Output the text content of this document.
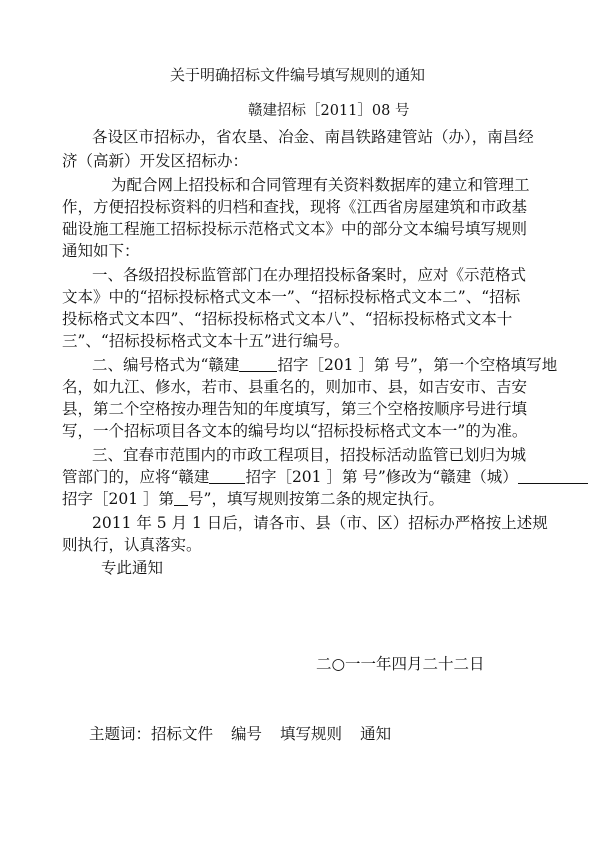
关于明确招标文件编号填写规则的通知
赣建招标［2011］08 号
各设区市招标办，省农垦、冶金、南昌铁路建管站（办），南昌经
济（高新）开发区招标办：
为配合网上招投标和合同管理有关资料数据库的建立和管理工
作，方便招投标资料的归档和查找，现将《江西省房屋建筑和市政基
础设施工程施工招标投标示范格式文本》中的部分文本编号填写规则
通知如下：
一、各级招投标监管部门在办理招投标备案时，应对《示范格式
文本》中的“招标投标格式文本一”、“招标投标格式文本二”、“招标
投标格式文本四”、“招标投标格式文本八”、“招标投标格式文本十
三”、“招标投标格式文本十五”进行编号。
二、编号格式为“赣建 招字［201 ］第 号”，第一个空格填写地
名，如九江、修水，若市、县重名的，则加市、县，如吉安市、吉安
县，第二个空格按办理告知的年度填写，第三个空格按顺序号进行填
写，一个招标项目各文本的编号均以“招标投标格式文本一”的为准。
三、宜春市范围内的市政工程项目，招投标活动监管已划归为城
管部门的，应将“赣建 招字［201 ］第 号”修改为“赣建（城）
招字［201 ］第 号”，填写规则按第二条的规定执行。
2011 年 5 月 1 日后，请各市、县（市、区）招标办严格按上述规
则执行，认真落实。
专此通知
二○一一年四月二十二日
主题词：招标文件 编号 填写规则 通知
